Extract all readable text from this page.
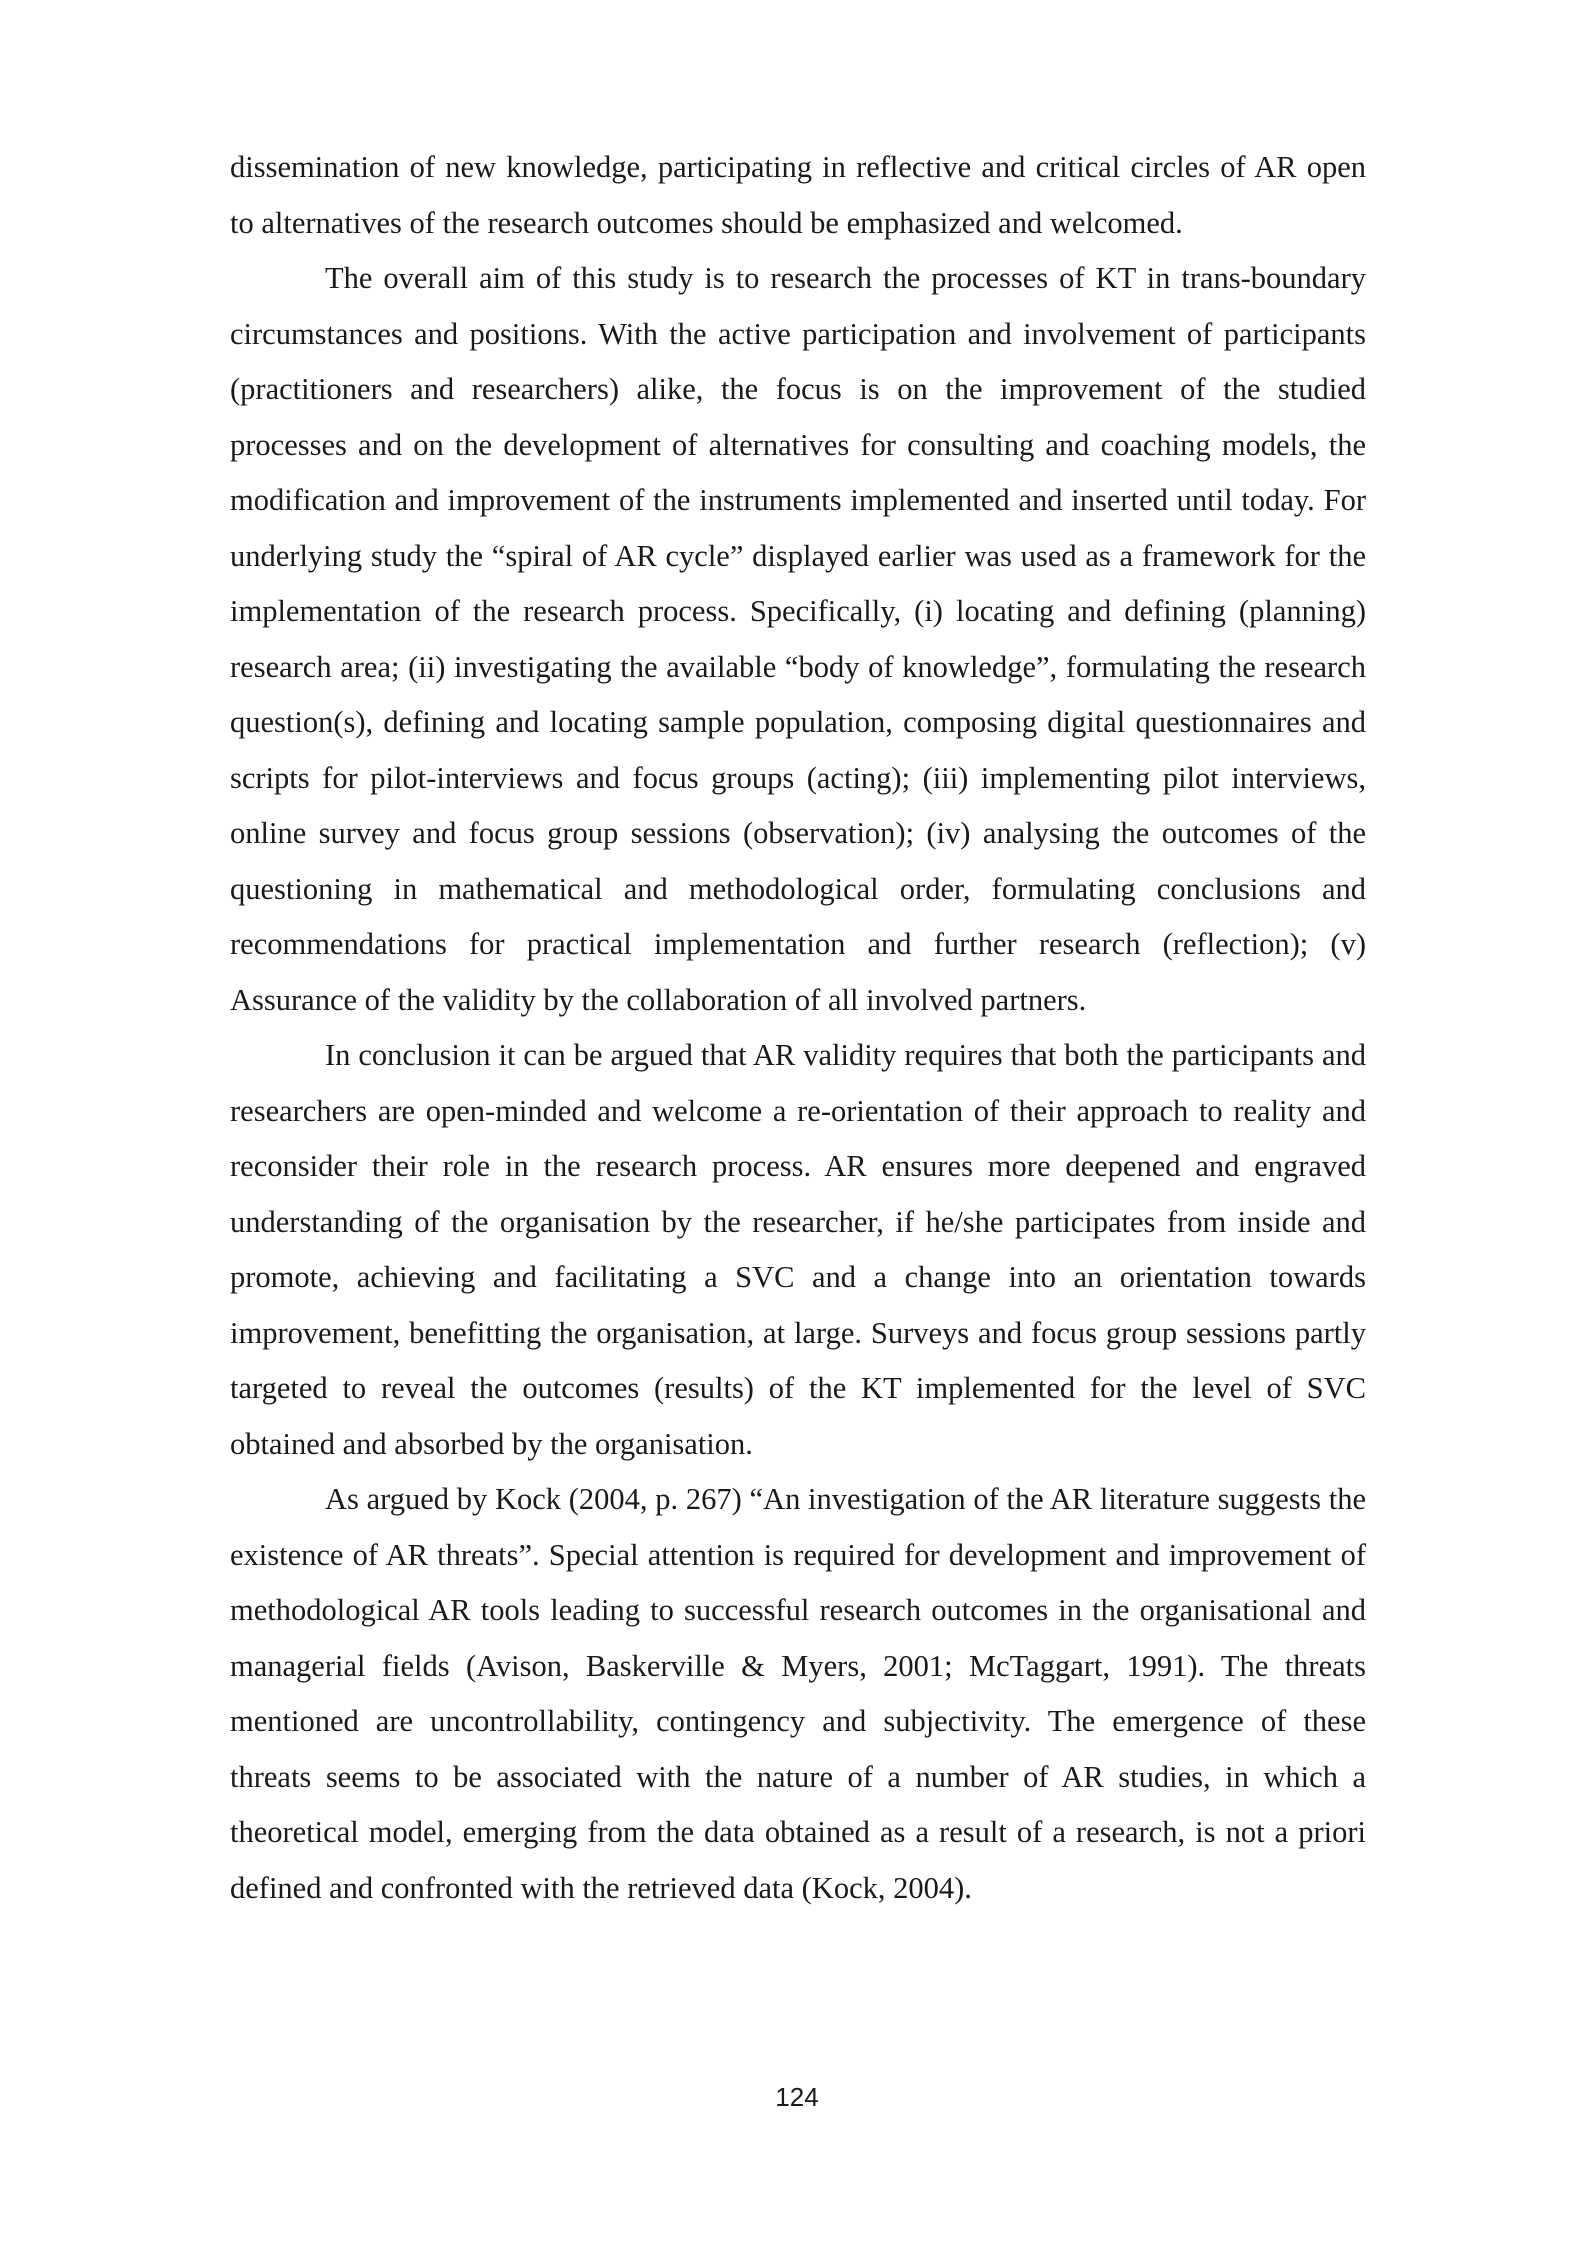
dissemination of new knowledge, participating in reflective and critical circles of AR open to alternatives of the research outcomes should be emphasized and welcomed.

The overall aim of this study is to research the processes of KT in trans-boundary circumstances and positions. With the active participation and involvement of participants (practitioners and researchers) alike, the focus is on the improvement of the studied processes and on the development of alternatives for consulting and coaching models, the modification and improvement of the instruments implemented and inserted until today. For underlying study the “spiral of AR cycle” displayed earlier was used as a framework for the implementation of the research process. Specifically, (i) locating and defining (planning) research area; (ii) investigating the available “body of knowledge”, formulating the research question(s), defining and locating sample population, composing digital questionnaires and scripts for pilot-interviews and focus groups (acting); (iii) implementing pilot interviews, online survey and focus group sessions (observation); (iv) analysing the outcomes of the questioning in mathematical and methodological order, formulating conclusions and recommendations for practical implementation and further research (reflection); (v) Assurance of the validity by the collaboration of all involved partners.

In conclusion it can be argued that AR validity requires that both the participants and researchers are open-minded and welcome a re-orientation of their approach to reality and reconsider their role in the research process. AR ensures more deepened and engraved understanding of the organisation by the researcher, if he/she participates from inside and promote, achieving and facilitating a SVC and a change into an orientation towards improvement, benefitting the organisation, at large. Surveys and focus group sessions partly targeted to reveal the outcomes (results) of the KT implemented for the level of SVC obtained and absorbed by the organisation.

As argued by Kock (2004, p. 267) “An investigation of the AR literature suggests the existence of AR threats”. Special attention is required for development and improvement of methodological AR tools leading to successful research outcomes in the organisational and managerial fields (Avison, Baskerville & Myers, 2001; McTaggart, 1991). The threats mentioned are uncontrollability, contingency and subjectivity. The emergence of these threats seems to be associated with the nature of a number of AR studies, in which a theoretical model, emerging from the data obtained as a result of a research, is not a priori defined and confronted with the retrieved data (Kock, 2004).

124
